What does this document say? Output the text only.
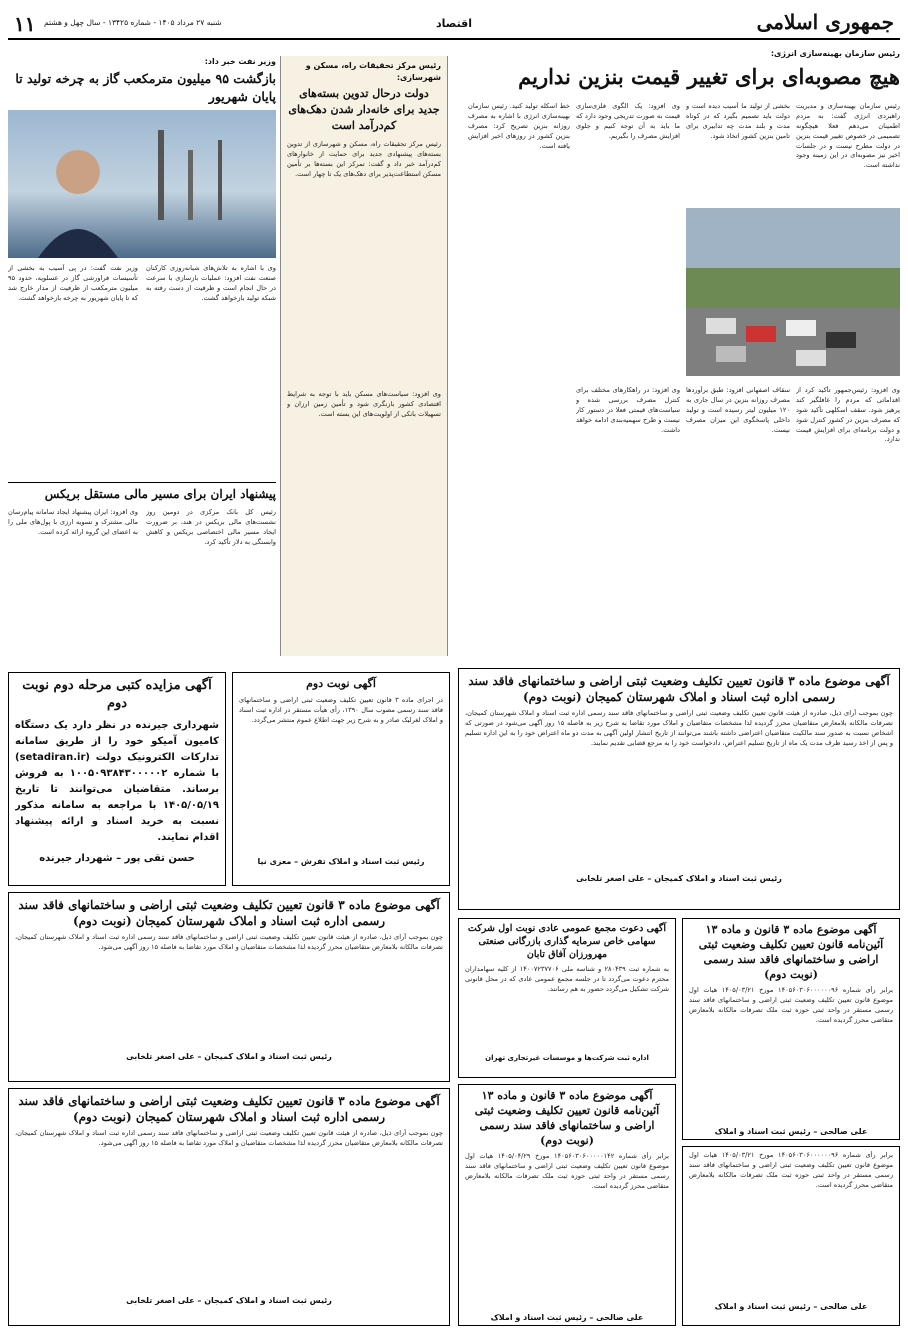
جمهوری اسلامی
اقتصاد
۱۱ شنبه ۲۷ مرداد ۱۴۰۵ - شماره ۱۳۴۲۵ - سال چهل و هشتم
رئیس سازمان بهینه‌سازی انرژی:
هیچ مصوبه‌ای برای تغییر قیمت بنزین نداریم
رئیس سازمان بهینه‌سازی و مدیریت راهبردی انرژی گفت: به مردم اطمینان می‌دهم فعلا هیچگونه تصمیمی در خصوص تغییر قیمت بنزین در دولت مطرح نیست و در جلسات اخیر نیز مصوبه‌ای در این زمینه وجود نداشته است.
بخشی از تولید ما آسیب دیده است و دولت باید تصمیم بگیرد که در کوتاه مدت و بلند مدت چه تدابیری برای تامین بنزین کشور اتخاذ شود.
وی افزود: یک الگوی فلزی‌سازی قیمت به صورت تدریجی وجود دارد که ما باید به آن توجه کنیم و جلوی افزایش مصرف را بگیریم.
خط اسکله تولید کنید. رئیس سازمان بهینه‌سازی انرژی با اشاره به مصرف روزانه بنزین تصریح کرد: مصرف بنزین کشور در روزهای اخیر افزایش یافته است.
وی افزود: رئیس‌جمهور تأکید کرد از اقداماتی که مردم را غافلگیر کند پرهیز شود. سقف اسکلهی تأکید شود که مصرف بنزین در کشور کنترل شود و دولت برنامه‌ای برای افزایش قیمت ندارد.
سقاف اصفهانی افزود: طبق برآوردها مصرف روزانه بنزین در سال جاری به ۱۲۰ میلیون لیتر رسیده است و تولید داخلی پاسخگوی این میزان مصرف نیست.
وی افزود: در راهکارهای مختلف برای کنترل مصرف بررسی شده و سیاست‌های قیمتی فعلا در دستور کار نیست و طرح سهمیه‌بندی ادامه خواهد داشت.
رئیس مرکز تحقیقات راه، مسکن و شهرسازی:
دولت درحال تدوین بسته‌های جدید برای خانه‌دار شدن دهک‌های کم‌درآمد است
رئیس مرکز تحقیقات راه، مسکن و شهرسازی از تدوین بسته‌های پیشنهادی جدید برای حمایت از خانوارهای کم‌درآمد خبر داد و گفت: تمرکز این بسته‌ها بر تأمین مسکن استطاعت‌پذیر برای دهک‌های یک تا چهار است.
وی افزود: سیاست‌های مسکن باید با توجه به شرایط اقتصادی کشور بازنگری شود و تأمین زمین ارزان و تسهیلات بانکی از اولویت‌های این بسته است.
وزیر نفت خبر داد:
بازگشت ۹۵ میلیون مترمکعب گاز به چرخه تولید تا پایان شهریور
وزیر نفت گفت: در پی آسیب به بخشی از تأسیسات فراورشی گاز در عسلویه، حدود ۹۵ میلیون مترمکعب از ظرفیت از مدار خارج شد که تا پایان شهریور به چرخه بازخواهد گشت.
وی با اشاره به تلاش‌های شبانه‌روزی کارکنان صنعت نفت افزود: عملیات بازسازی با سرعت در حال انجام است و ظرفیت از دست رفته به شبکه تولید بازخواهد گشت.
پیشنهاد ایران برای مسیر مالی مستقل بریکس
رئیس کل بانک مرکزی در دومین روز نشست‌های مالی بریکس در هند، بر ضرورت ایجاد مسیر مالی اختصاصی بریکس و کاهش وابستگی به دلار تأکید کرد.
وی افزود: ایران پیشنهاد ایجاد سامانه پیام‌رسان مالی مشترک و تسویه ارزی با پول‌های ملی را به اعضای این گروه ارائه کرده است.
آگهی موضوع ماده ۳ قانون تعیین تکلیف وضعیت ثبتی اراضی و ساختمانهای فاقد سند رسمی اداره ثبت اسناد و املاک شهرستان کمیجان (نوبت دوم)
چون بموجب آرای ذیل، صادره از هیئت قانون تعیین تکلیف وضعیت ثبتی اراضی و ساختمانهای فاقد سند رسمی اداره ثبت اسناد و املاک شهرستان کمیجان، تصرفات مالکانه بلامعارض متقاضیان محرز گردیده لذا مشخصات متقاضیان و املاک مورد تقاضا به شرح زیر به فاصله ۱۵ روز آگهی می‌شود در صورتی که اشخاص نسبت به صدور سند مالکیت متقاضیان اعتراضی داشته باشند می‌توانند از تاریخ انتشار اولین آگهی به مدت دو ماه اعتراض خود را به این اداره تسلیم و پس از اخذ رسید ظرف مدت یک ماه از تاریخ تسلیم اعتراض، دادخواست خود را به مرجع قضایی تقدیم نمایند.
رئیس ثبت اسناد و املاک کمیجان – علی اصغر تلخابی
آگهی نوبت دوم
در اجرای ماده ۳ قانون تعیین تکلیف وضعیت ثبتی اراضی و ساختمانهای فاقد سند رسمی مصوب سال ۱۳۹۰، رأی هیأت مستقر در اداره ثبت اسناد و املاک لغرلیک صادر و به شرح زیر جهت اطلاع عموم منتشر می‌گردد.
رئیس ثبت اسناد و املاک تفرش – معزی نیا
آگهی مزایده کتبی مرحله دوم نوبت دوم
شهرداری جیرنده در نظر دارد یک دستگاه کامیون آمیکو خود را از طریق سامانه تدارکات الکترونیک دولت (setadiran.ir) با شماره ۱۰۰۵۰۹۳۸۴۳۰۰۰۰۰۲ به فروش برساند. متقاضیان می‌توانند تا تاریخ ۱۴۰۵/۰۵/۱۹ با مراجعه به سامانه مذکور نسبت به خرید اسناد و ارائه پیشنهاد اقدام نمایند.
حسن تقی پور – شهردار جیرنده
آگهی موضوع ماده ۳ قانون تعیین تکلیف وضعیت ثبتی اراضی و ساختمانهای فاقد سند رسمی اداره ثبت اسناد و املاک شهرستان کمیجان (نوبت دوم)
چون بموجب آرای ذیل، صادره از هیئت قانون تعیین تکلیف وضعیت ثبتی اراضی و ساختمانهای فاقد سند رسمی اداره ثبت اسناد و املاک شهرستان کمیجان، تصرفات مالکانه بلامعارض متقاضیان محرز گردیده لذا مشخصات متقاضیان و املاک مورد تقاضا به فاصله ۱۵ روز آگهی می‌شود.
رئیس ثبت اسناد و املاک کمیجان – علی اصغر تلخابی
آگهی موضوع ماده ۳ قانون و ماده ۱۳ آئین‌نامه قانون تعیین تکلیف وضعیت ثبتی اراضی و ساختمانهای فاقد سند رسمی (نوبت دوم)
برابر رأی شماره ۱۴۰۵۶۰۳۰۶۰۰۰۰۰۰۹۶ مورخ ۱۴۰۵/۰۳/۲۱ هیات اول موضوع قانون تعیین تکلیف وضعیت ثبتی اراضی و ساختمانهای فاقد سند رسمی مستقر در واحد ثبتی حوزه ثبت ملک تصرفات مالکانه بلامعارض متقاضی محرز گردیده است.
علی صالحی – رئیس ثبت اسناد و املاک
آگهی دعوت مجمع عمومی عادی نوبت اول شرکت سهامی خاص سرمایه گذاری بازرگانی صنعتی مهرورزان آفاق تابان
به شماره ثبت ۲۸۰۴۳۹ و شناسه ملی ۱۴۰۰۷۲۳۷۷۰۶ از کلیه سهامداران محترم دعوت می‌گردد تا در جلسه مجمع عمومی عادی که در محل قانونی شرکت تشکیل می‌گردد حضور به هم رسانند.
اداره ثبت شرکت‌ها و موسسات غیرتجاری تهران
برابر رأی شماره ۱۴۰۵۶۰۳۰۶۰۰۰۰۰۰۹۶ مورخ ۱۴۰۵/۰۳/۲۱ هیات اول موضوع قانون تعیین تکلیف وضعیت ثبتی اراضی و ساختمانهای فاقد سند رسمی مستقر در واحد ثبتی حوزه ثبت ملک تصرفات مالکانه بلامعارض متقاضی محرز گردیده است.
علی صالحی – رئیس ثبت اسناد و املاک
آگهی موضوع ماده ۳ قانون و ماده ۱۳ آئین‌نامه قانون تعیین تکلیف وضعیت ثبتی اراضی و ساختمانهای فاقد سند رسمی (نوبت دوم)
برابر رأی شماره ۱۴۰۵۶۰۳۰۶۰۰۰۰۰۱۴۲ مورخ ۱۴۰۵/۰۴/۲۹ هیات اول موضوع قانون تعیین تکلیف وضعیت ثبتی اراضی و ساختمانهای فاقد سند رسمی مستقر در واحد ثبتی حوزه ثبت ملک تصرفات مالکانه بلامعارض متقاضی محرز گردیده است.
علی صالحی – رئیس ثبت اسناد و املاک
آگهی موضوع ماده ۳ قانون تعیین تکلیف وضعیت ثبتی اراضی و ساختمانهای فاقد سند رسمی اداره ثبت اسناد و املاک شهرستان کمیجان (نوبت دوم)
چون بموجب آرای ذیل، صادره از هیئت قانون تعیین تکلیف وضعیت ثبتی اراضی و ساختمانهای فاقد سند رسمی اداره ثبت اسناد و املاک شهرستان کمیجان، تصرفات مالکانه بلامعارض متقاضیان محرز گردیده لذا مشخصات متقاضیان و املاک مورد تقاضا به فاصله ۱۵ روز آگهی می‌شود.
رئیس ثبت اسناد و املاک کمیجان – علی اصغر تلخابی
